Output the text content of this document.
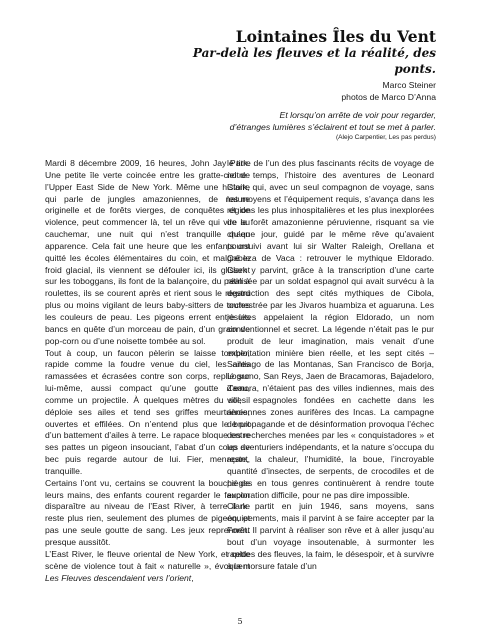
Lointaines Îles du Vent
Par-delà les fleuves et la réalité, des ponts.
Marco Steiner
photos de Marco D’Anna
Et lorsqu’on arrête de voir pour regarder,
d’étranges lumières s’éclairent et tout se met à parler.
(Alejo Carpentier, Les pas perdus)

Mardi 8 décembre 2009, 16 heures, John Jay Park. Une petite île verte coincée entre les gratte-ciel de l’Upper East Side de New York. Même une histoire qui parle de jungles amazoniennes, de nature originelle et de forêts vierges, de conquêtes et de violence, peut commencer là, tel un rêve qui vire au cauchemar, une nuit qui n’est tranquille qu’en apparence. Cela fait une heure que les enfants ont quitté les écoles élémentaires du coin, et malgré le froid glacial, ils viennent se défouler ici, ils glissent sur les toboggans, ils font de la balançoire, du patin à roulettes, ils se courent après et rient sous le regard plus ou moins vigilant de leurs baby-sitters de toutes les couleurs de peau. Les pigeons errent entre les bancs en quête d’un morceau de pain, d’un grain de pop-corn ou d’une noisette tombée au sol.

Tout à coup, un faucon pèlerin se laisse tomber, rapide comme la foudre venue du ciel, les ailes ramassées et écrasées contre son corps, replié sur lui-même, aussi compact qu’une goutte d’eau, comme un projectile. À quelques mètres du sol, il déploie ses ailes et tend ses griffes meurtrières, ouvertes et effilées. On n’entend plus que le bruit d’un battement d’ailes à terre. Le rapace bloque entre ses pattes un pigeon insouciant, l’abat d’un coup de bec puis regarde autour de lui. Fier, menaçant, tranquille.

Certains l’ont vu, certains se couvrent la bouche de leurs mains, des enfants courent regarder le faucon disparaître au niveau de l’East River, à terre il ne reste plus rien, seulement des plumes de pigeon, et pas une seule goutte de sang. Les jeux reprennent presque aussitôt.

L’East River, le fleuve oriental de New York, et cette scène de violence tout à fait « naturelle », évoquent Les Fleuves descendaient vers l’orient,

le titre de l’un des plus fascinants récits de voyage de notre temps, l’histoire des aventures de Leonard Clark, qui, avec un seul compagnon de voyage, sans les moyens et l’équipement requis, s’avança dans les régions les plus inhospitalières et les plus inexplorées de la forêt amazonienne péruvienne, risquant sa vie chaque jour, guidé par le même rêve qu’avaient poursuivi avant lui sir Walter Raleigh, Orellana et Cabeza de Vaca : retrouver le mythique Eldorado. Clark y parvint, grâce à la transcription d’une carte réalisée par un soldat espagnol qui avait survécu à la destruction des sept cités mythiques de Cibola, orchestrée par les Jivaros huambiza et aguaruna. Les jésuites appelaient la région Eldorado, un nom conventionnel et secret. La légende n’était pas le pur produit de leur imagination, mais venait d’une exploitation minière bien réelle, et les sept cités – Santiago de las Montanas, San Francisco de Borja, Logrono, San Reys, Jaen de Bracamoras, Bajadeloro, Zamora, n’étaient pas des villes indiennes, mais des villes espagnoles fondées en cachette dans les anciennes zones aurifères des Incas. La campagne de propagande et de désinformation provoqua l’échec des recherches menées par les « conquistadores » et les aventuriers indépendants, et la nature s’occupa du reste, la chaleur, l’humidité, la boue, l’incroyable quantité d’insectes, de serpents, de crocodiles et de pièges en tous genres continuèrent à rendre toute exploration difficile, pour ne pas dire impossible.

Clark partit en juin 1946, sans moyens, sans équipements, mais il parvint à se faire accepter par la Forêt. Il parvint à réaliser son rêve et à aller jusqu’au bout d’un voyage insoutenable, à surmonter les rapides des fleuves, la faim, le désespoir, et à survivre à la morsure fatale d’un

5
